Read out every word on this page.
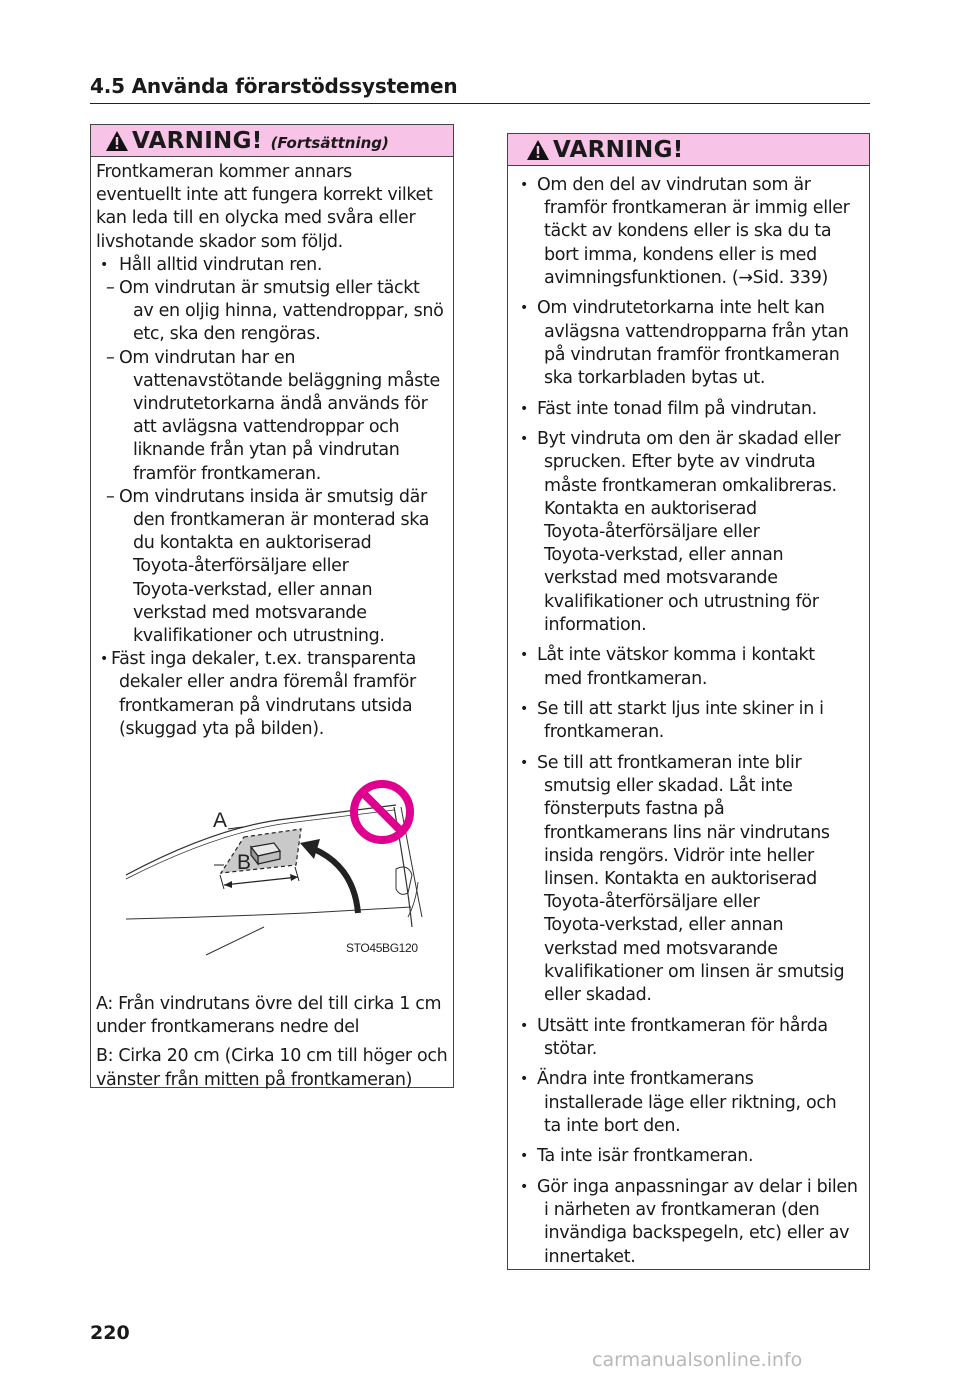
4.5 Använda förarstödssystemen
VARNING! (Fortsättning)
Frontkameran kommer annars
eventuellt inte att fungera korrekt vilket
kan leda till en olycka med svåra eller
livshotande skador som följd.
• Håll alltid vindrutan ren.
– Om vindrutan är smutsig eller täckt
av en oljig hinna, vattendroppar, snö
etc, ska den rengöras.
– Om vindrutan har en
vattenavstötande beläggning måste
vindrutetorkarna ändå används för
att avlägsna vattendroppar och
liknande från ytan på vindrutan
framför frontkameran.
– Om vindrutans insida är smutsig där
den frontkameran är monterad ska
du kontakta en auktoriserad
Toyota-återförsäljare eller
Toyota-verkstad, eller annan
verkstad med motsvarande
kvalifikationer och utrustning.
• Fäst inga dekaler, t.ex. transparenta
dekaler eller andra föremål framför
frontkameran på vindrutans utsida
(skuggad yta på bilden).
A
B
STO45BG120
A: Från vindrutans övre del till cirka 1 cm
under frontkamerans nedre del
B: Cirka 20 cm (Cirka 10 cm till höger och
vänster från mitten på frontkameran)
VARNING!
• Om den del av vindrutan som är
framför frontkameran är immig eller
täckt av kondens eller is ska du ta
bort imma, kondens eller is med
avimningsfunktionen. (→Sid. 339)
• Om vindrutetorkarna inte helt kan
avlägsna vattendropparna från ytan
på vindrutan framför frontkameran
ska torkarbladen bytas ut.
• Fäst inte tonad film på vindrutan.
• Byt vindruta om den är skadad eller
sprucken. Efter byte av vindruta
måste frontkameran omkalibreras.
Kontakta en auktoriserad
Toyota-återförsäljare eller
Toyota-verkstad, eller annan
verkstad med motsvarande
kvalifikationer och utrustning för
information.
• Låt inte vätskor komma i kontakt
med frontkameran.
• Se till att starkt ljus inte skiner in i
frontkameran.
• Se till att frontkameran inte blir
smutsig eller skadad. Låt inte
fönsterputs fastna på
frontkamerans lins när vindrutans
insida rengörs. Vidrör inte heller
linsen. Kontakta en auktoriserad
Toyota-återförsäljare eller
Toyota-verkstad, eller annan
verkstad med motsvarande
kvalifikationer om linsen är smutsig
eller skadad.
• Utsätt inte frontkameran för hårda
stötar.
• Ändra inte frontkamerans
installerade läge eller riktning, och
ta inte bort den.
• Ta inte isär frontkameran.
• Gör inga anpassningar av delar i bilen
i närheten av frontkameran (den
invändiga backspegeln, etc) eller av
innertaket.
220
carmanualsonline.info
